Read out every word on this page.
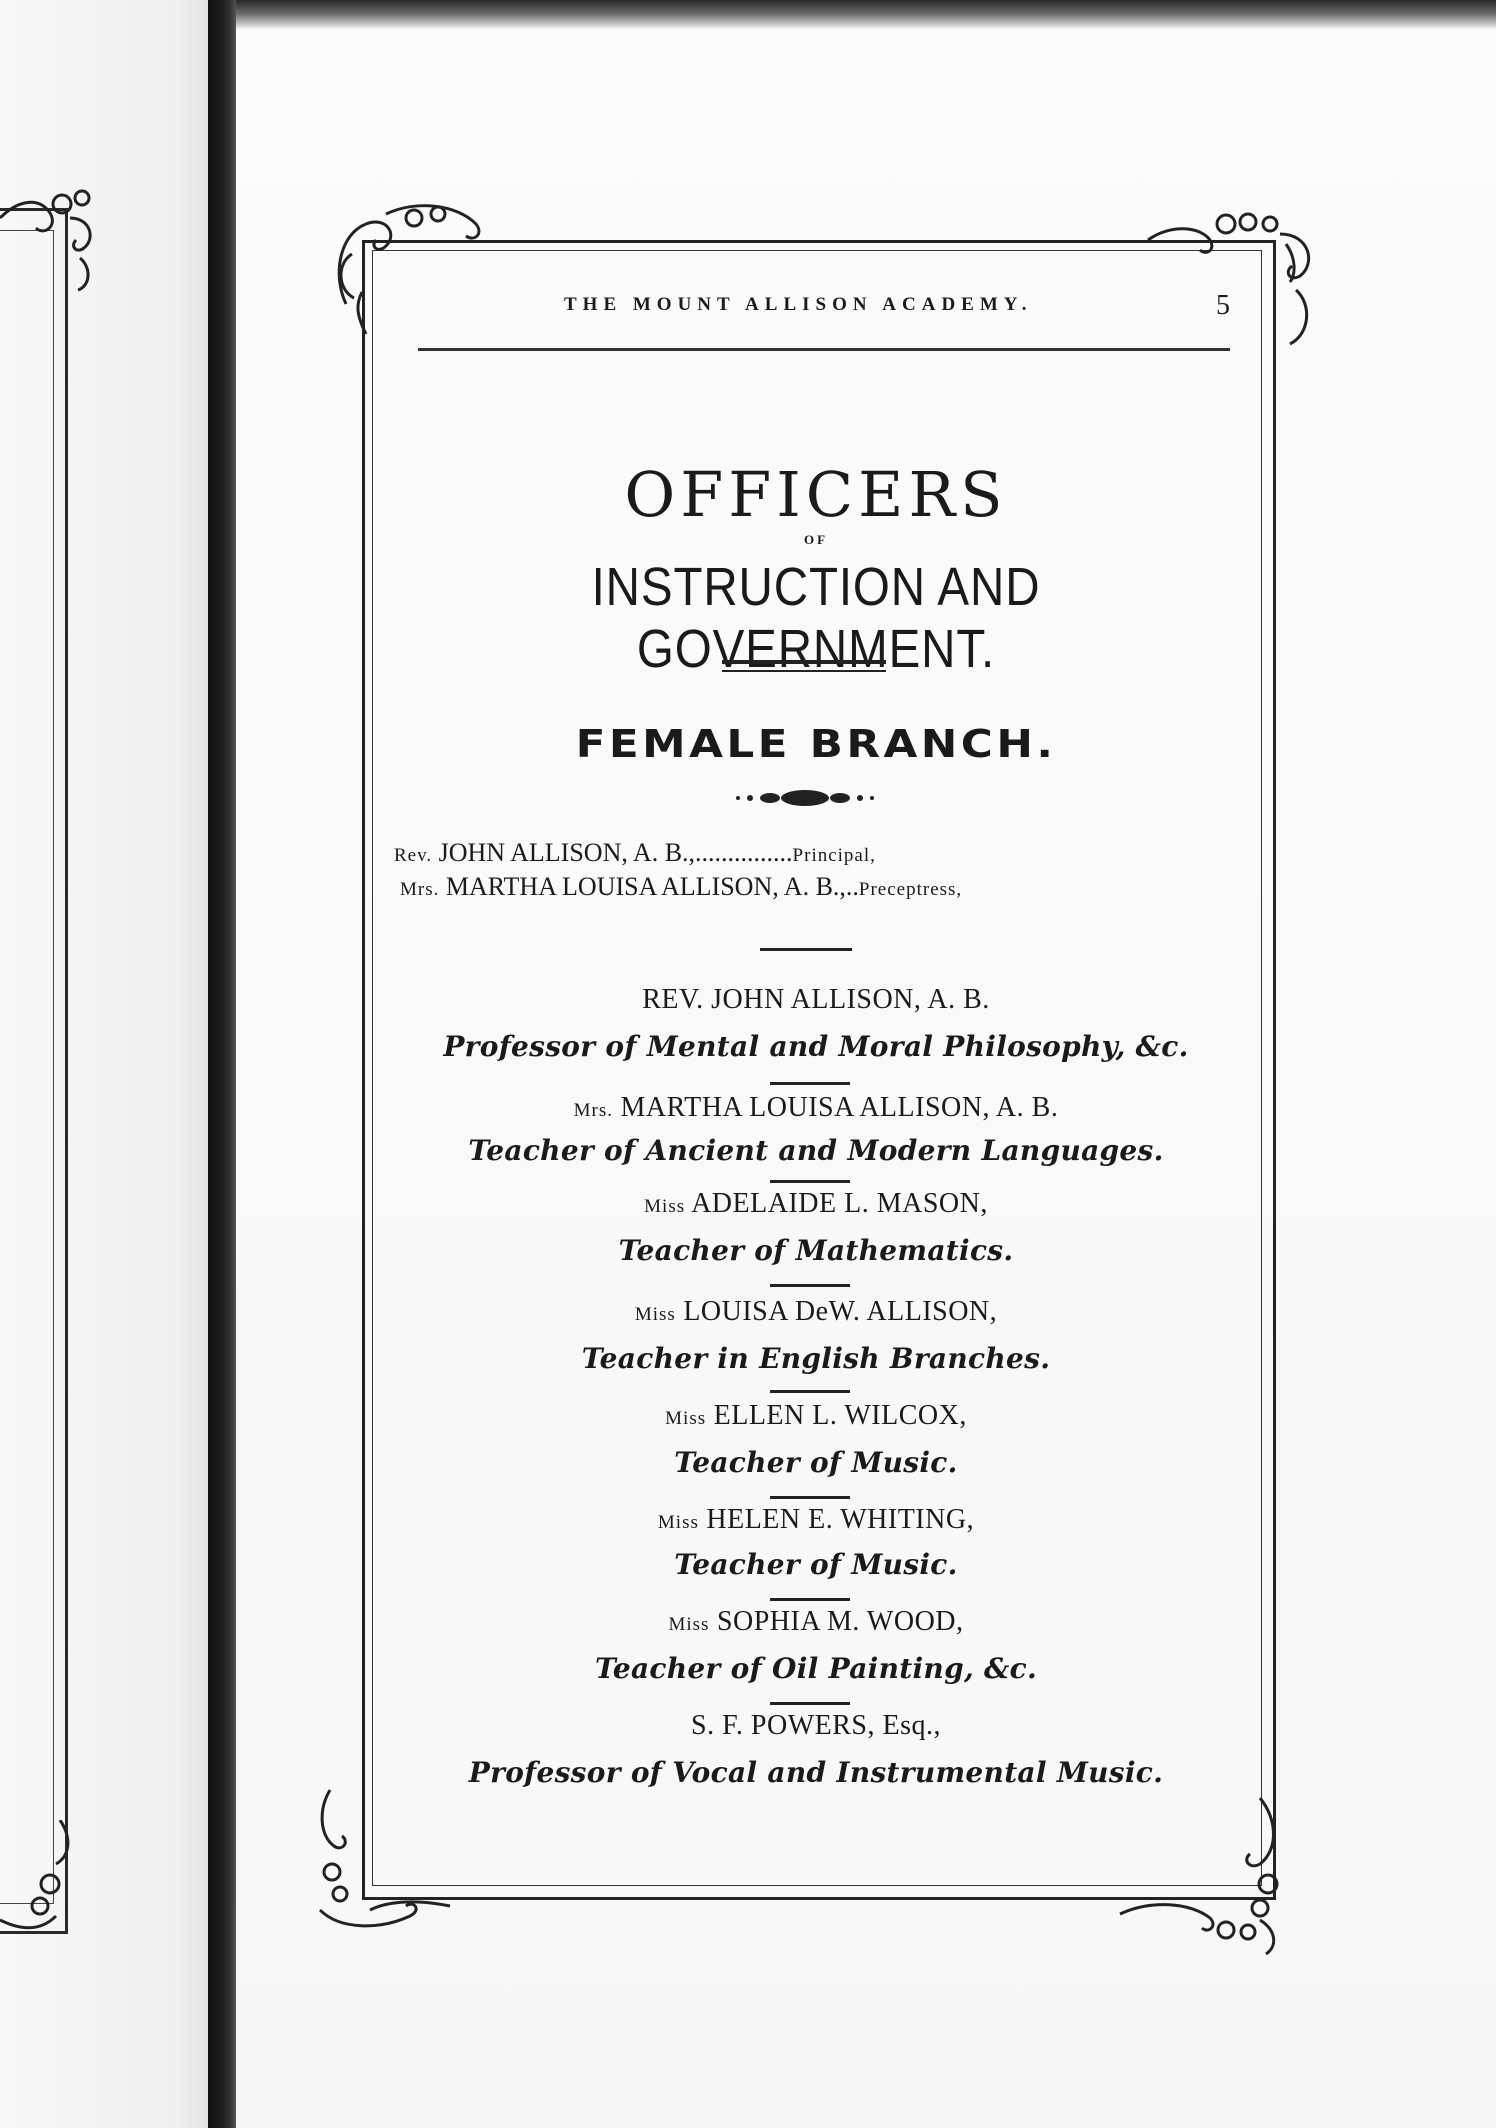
THE MOUNT ALLISON ACADEMY.	5
OFFICERS
OF
INSTRUCTION AND GOVERNMENT.
FEMALE BRANCH.
Rev. JOHN ALLISON, A. B.,...............Principal,
Mrs. MARTHA LOUISA ALLISON, A. B.,..Preceptress,
REV. JOHN ALLISON, A. B.
Professor of Mental and Moral Philosophy, &c.
Mrs. MARTHA LOUISA ALLISON, A. B.
Teacher of Ancient and Modern Languages.
Miss ADELAIDE L. MASON,
Teacher of Mathematics.
Miss LOUISA DeW. ALLISON,
Teacher in English Branches.
Miss ELLEN L. WILCOX,
Teacher of Music.
Miss HELEN E. WHITING,
Teacher of Music.
Miss SOPHIA M. WOOD,
Teacher of Oil Painting, &c.
S. F. POWERS, Esq.,
Professor of Vocal and Instrumental Music.
